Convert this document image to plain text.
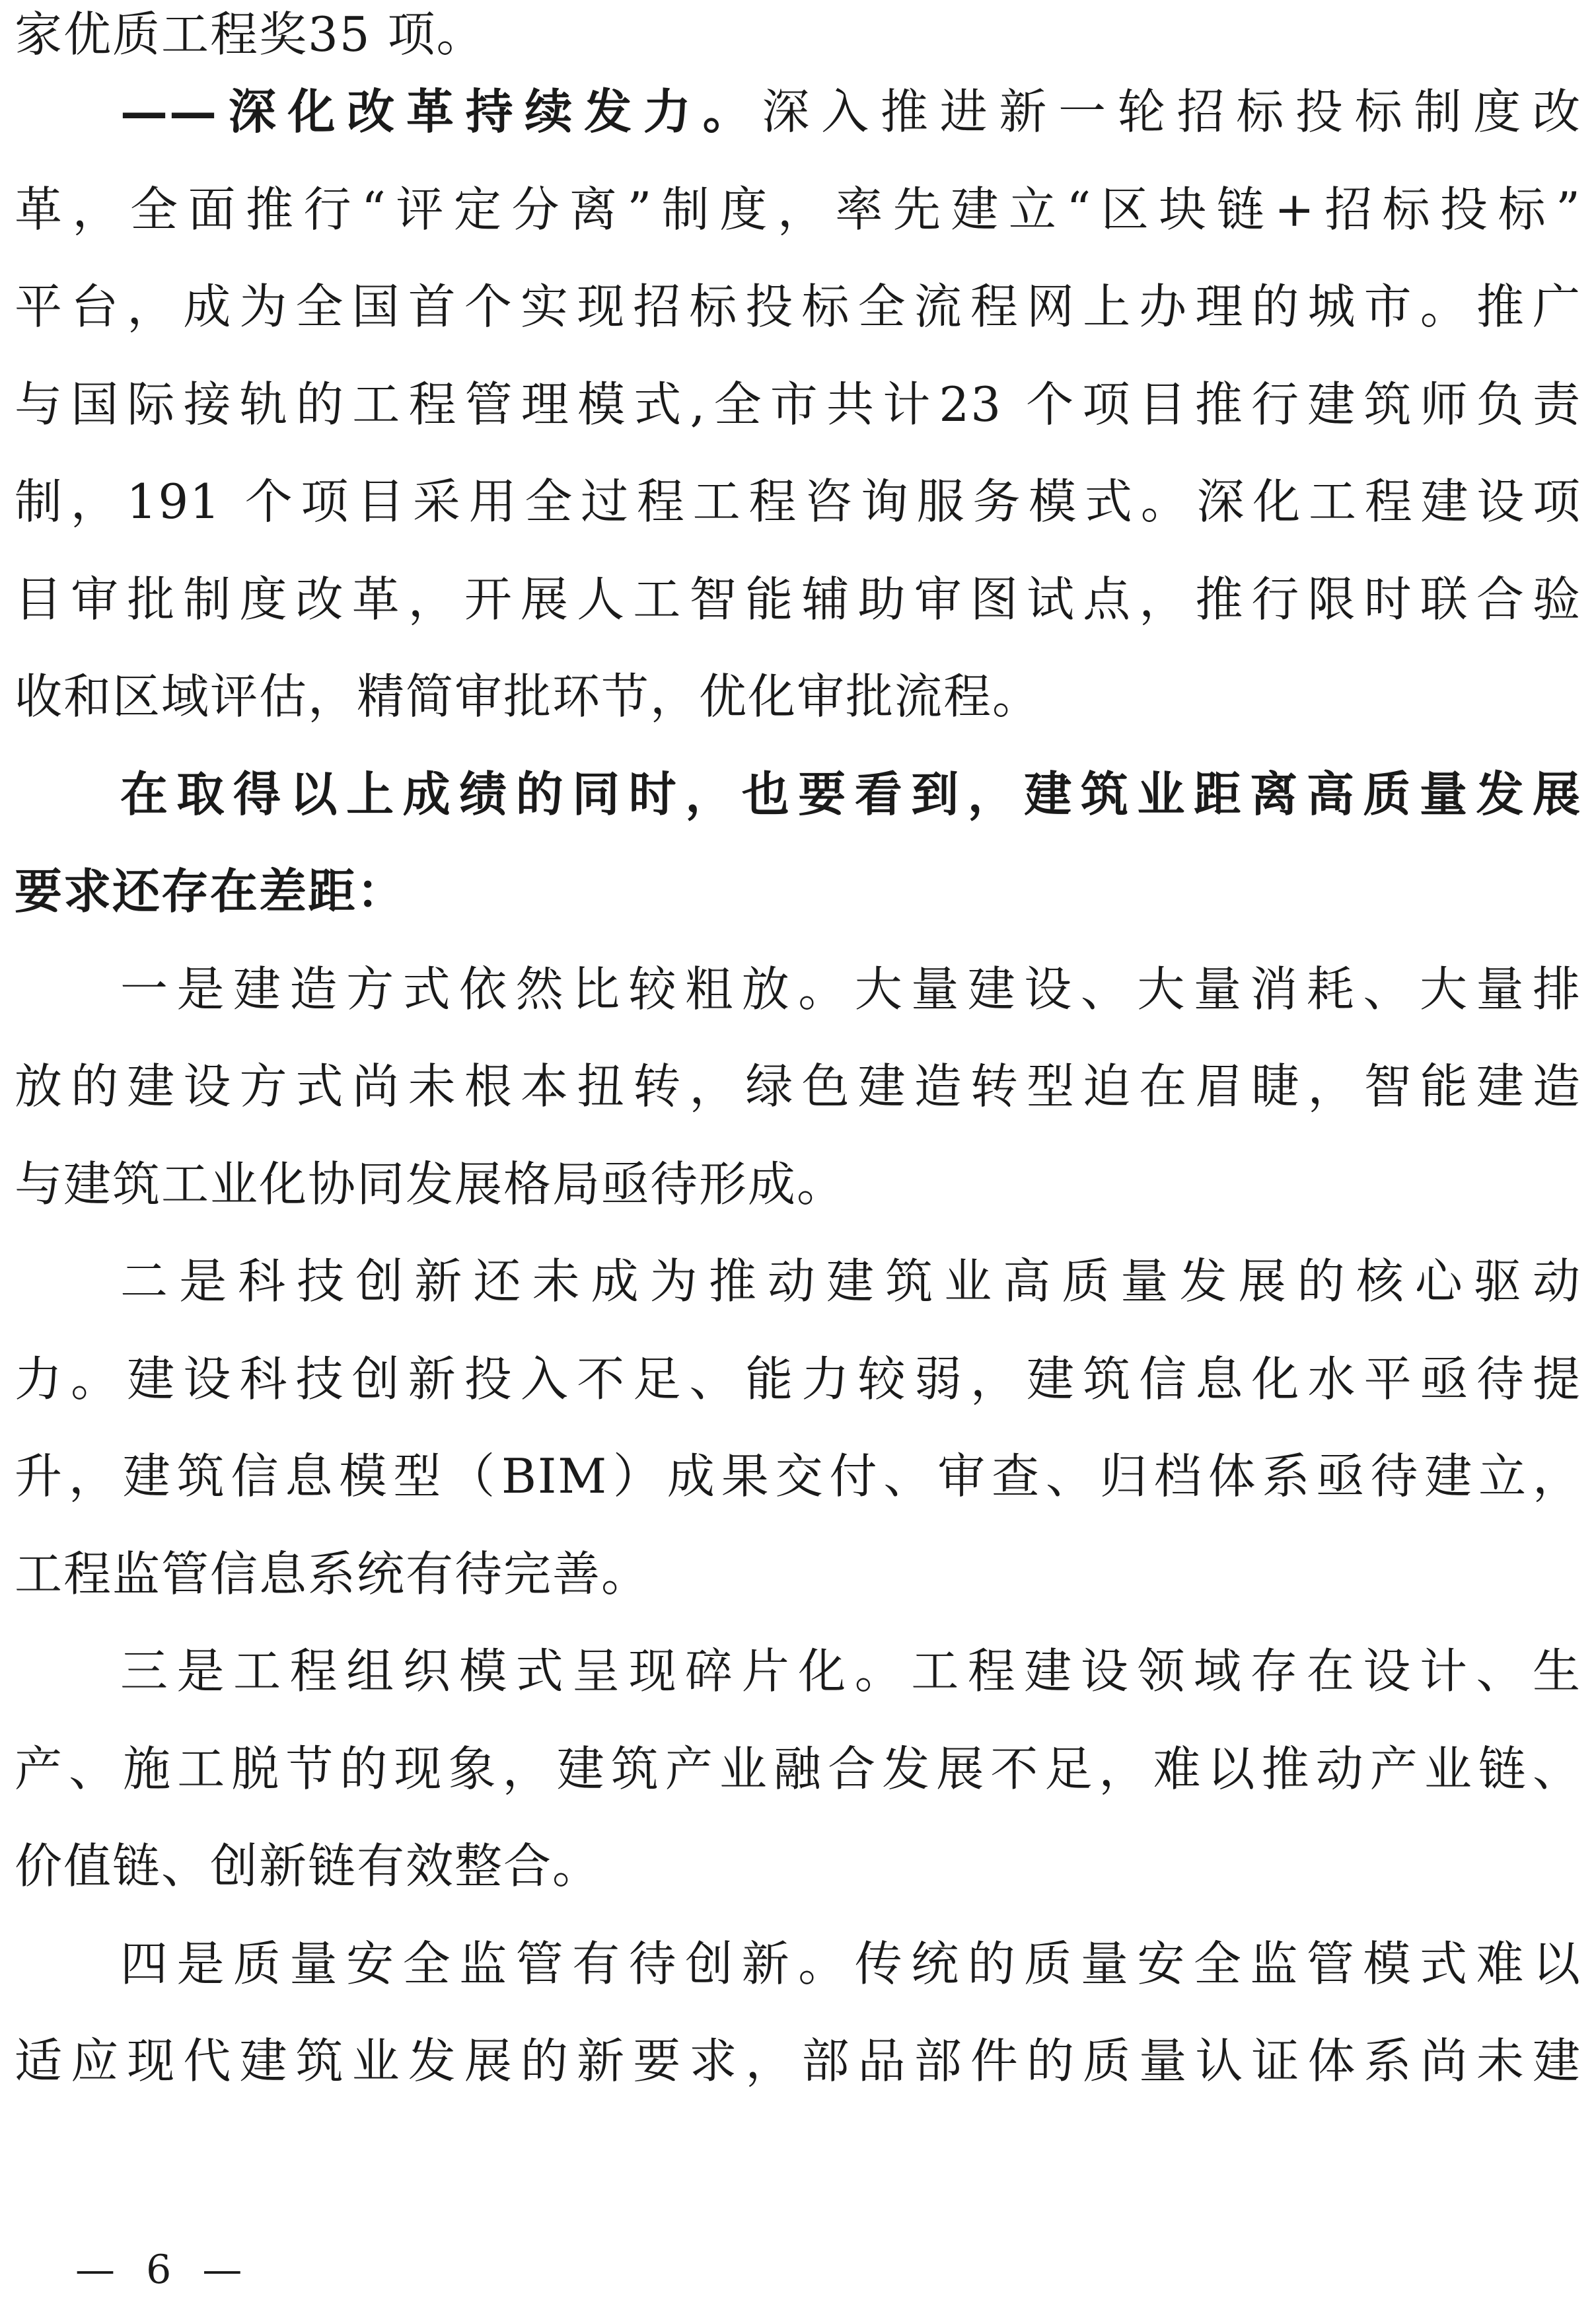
家优质工程奖35 项。
——深化改革持续发力。深入推进新一轮招标投标制度改
革，全面推行“评定分离”制度，率先建立“区块链+招标投标”
平台，成为全国首个实现招标投标全流程网上办理的城市。推广
与国际接轨的工程管理模式,全市共计23 个项目推行建筑师负责
制，191 个项目采用全过程工程咨询服务模式。深化工程建设项
目审批制度改革，开展人工智能辅助审图试点，推行限时联合验
收和区域评估，精简审批环节，优化审批流程。
在取得以上成绩的同时，也要看到，建筑业距离高质量发展
要求还存在差距：
一是建造方式依然比较粗放。大量建设、大量消耗、大量排
放的建设方式尚未根本扭转，绿色建造转型迫在眉睫，智能建造
与建筑工业化协同发展格局亟待形成。
二是科技创新还未成为推动建筑业高质量发展的核心驱动
力。建设科技创新投入不足、能力较弱，建筑信息化水平亟待提
升，建筑信息模型（BIM）成果交付、审查、归档体系亟待建立，
工程监管信息系统有待完善。
三是工程组织模式呈现碎片化。工程建设领域存在设计、生
产、施工脱节的现象，建筑产业融合发展不足，难以推动产业链、
价值链、创新链有效整合。
四是质量安全监管有待创新。传统的质量安全监管模式难以
适应现代建筑业发展的新要求，部品部件的质量认证体系尚未建
— 6 —
